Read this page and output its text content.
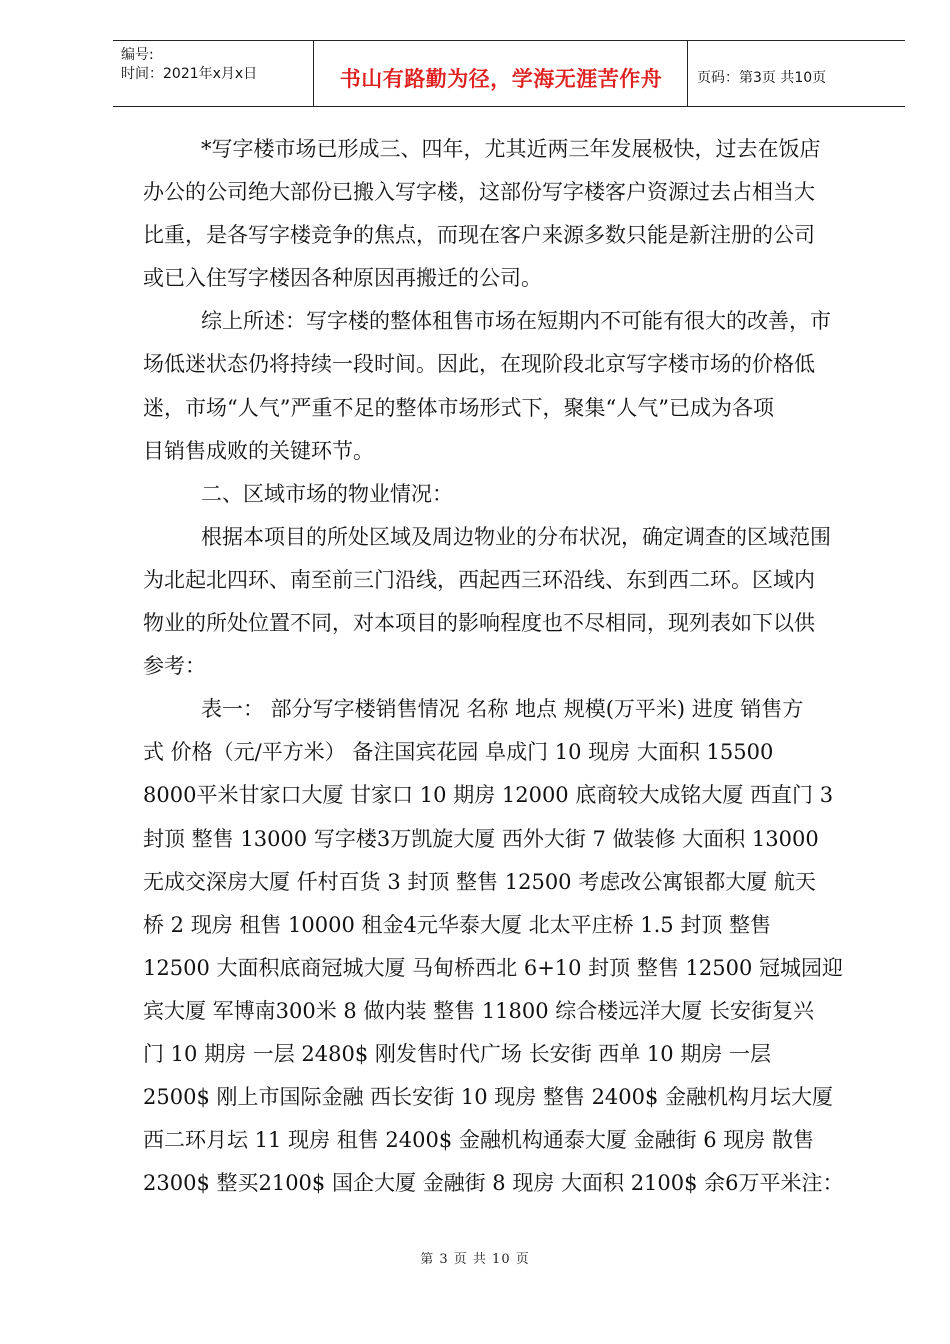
编号:
时间：2021年x月x日	书山有路勤为径，学海无涯苦作舟	页码：第3页 共10页
*写字楼市场已形成三、四年，尤其近两三年发展极快，过去在饭店
办公的公司绝大部份已搬入写字楼，这部份写字楼客户资源过去占相当大
比重，是各写字楼竞争的焦点，而现在客户来源多数只能是新注册的公司
或已入住写字楼因各种原因再搬迁的公司。
综上所述：写字楼的整体租售市场在短期内不可能有很大的改善，市
场低迷状态仍将持续一段时间。因此，在现阶段北京写字楼市场的价格低
迷，市场“人气”严重不足的整体市场形式下，聚集“人气”已成为各项
目销售成败的关键环节。
二、区域市场的物业情况：
根据本项目的所处区域及周边物业的分布状况，确定调查的区域范围
为北起北四环、南至前三门沿线，西起西三环沿线、东到西二环。区域内
物业的所处位置不同，对本项目的影响程度也不尽相同，现列表如下以供
参考：
表一： 部分写字楼销售情况 名称 地点 规模(万平米) 进度 销售方
式 价格（元/平方米） 备注国宾花园 阜成门 10 现房 大面积 15500
8000平米甘家口大厦 甘家口 10 期房 12000 底商较大成铭大厦 西直门 3
封顶 整售 13000 写字楼3万凯旋大厦 西外大街 7 做装修 大面积 13000
无成交深房大厦 仟村百货 3 封顶 整售 12500 考虑改公寓银都大厦 航天
桥 2 现房 租售 10000 租金4元华泰大厦 北太平庄桥 1.5 封顶 整售
12500 大面积底商冠城大厦 马甸桥西北 6+10 封顶 整售 12500 冠城园迎
宾大厦 军博南300米 8 做内装 整售 11800 综合楼远洋大厦 长安街复兴
门 10 期房 一层 2480$ 刚发售时代广场 长安街 西单 10 期房 一层
2500$ 刚上市国际金融 西长安街 10 现房 整售 2400$ 金融机构月坛大厦
西二环月坛 11 现房 租售 2400$ 金融机构通泰大厦 金融街 6 现房 散售
2300$ 整买2100$ 国企大厦 金融街 8 现房 大面积 2100$ 余6万平米注：
第 3 页 共 10 页
